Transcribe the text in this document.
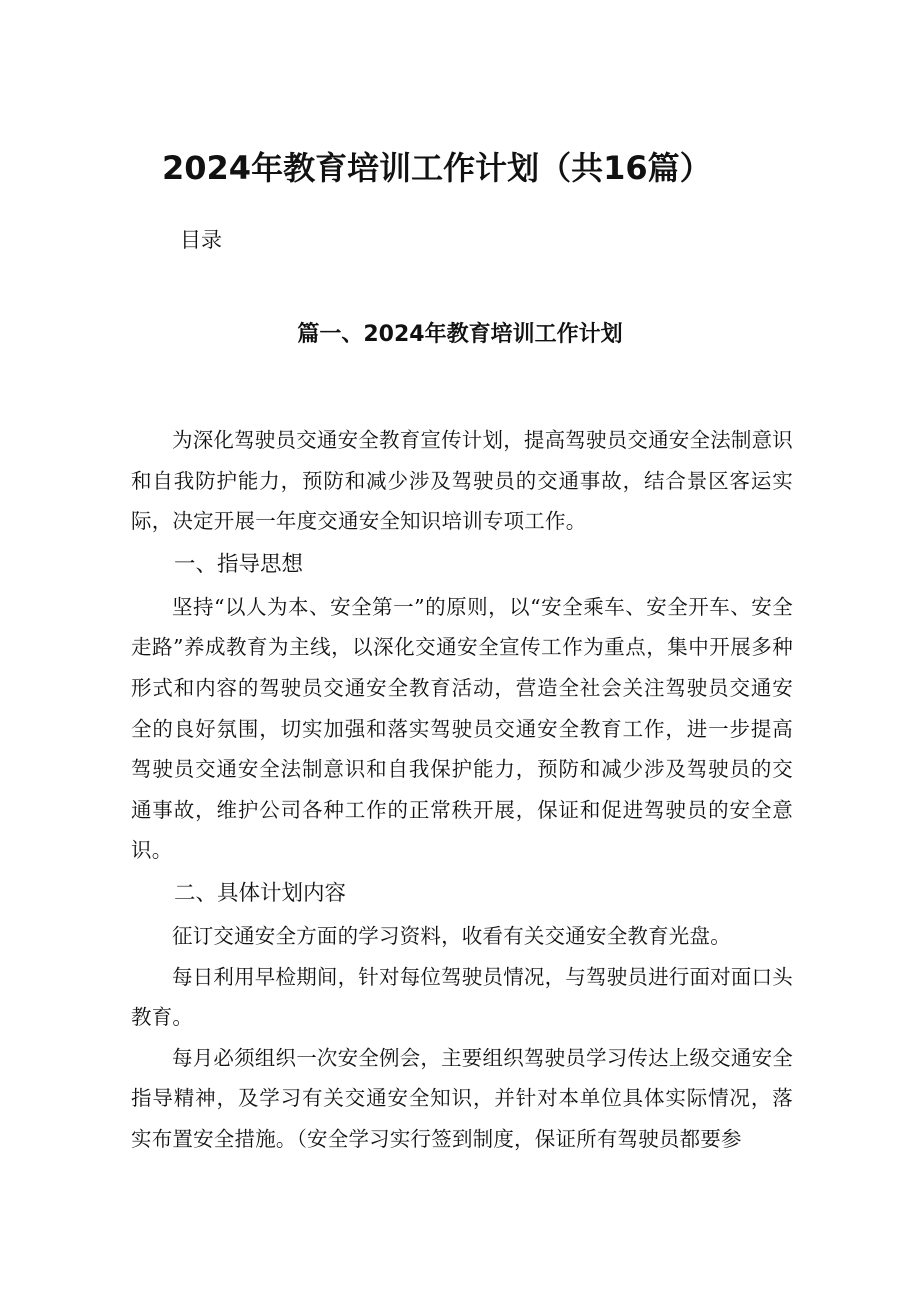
2024年教育培训工作计划（共16篇）
目录
篇一、2024年教育培训工作计划

为深化驾驶员交通安全教育宣传计划，提高驾驶员交通安全法制意识和自我防护能力，预防和减少涉及驾驶员的交通事故，结合景区客运实际，决定开展一年度交通安全知识培训专项工作。

一、指导思想

坚持“以人为本、安全第一”的原则，以“安全乘车、安全开车、安全走路”养成教育为主线，以深化交通安全宣传工作为重点，集中开展多种形式和内容的驾驶员交通安全教育活动，营造全社会关注驾驶员交通安全的良好氛围，切实加强和落实驾驶员交通安全教育工作，进一步提高驾驶员交通安全法制意识和自我保护能力，预防和减少涉及驾驶员的交通事故，维护公司各种工作的正常秩开展，保证和促进驾驶员的安全意识。

二、具体计划内容

征订交通安全方面的学习资料，收看有关交通安全教育光盘。

每日利用早检期间，针对每位驾驶员情况，与驾驶员进行面对面口头教育。

每月必须组织一次安全例会，主要组织驾驶员学习传达上级交通安全指导精神，及学习有关交通安全知识，并针对本单位具体实际情况，落实布置安全措施。（安全学习实行签到制度，保证所有驾驶员都要参
